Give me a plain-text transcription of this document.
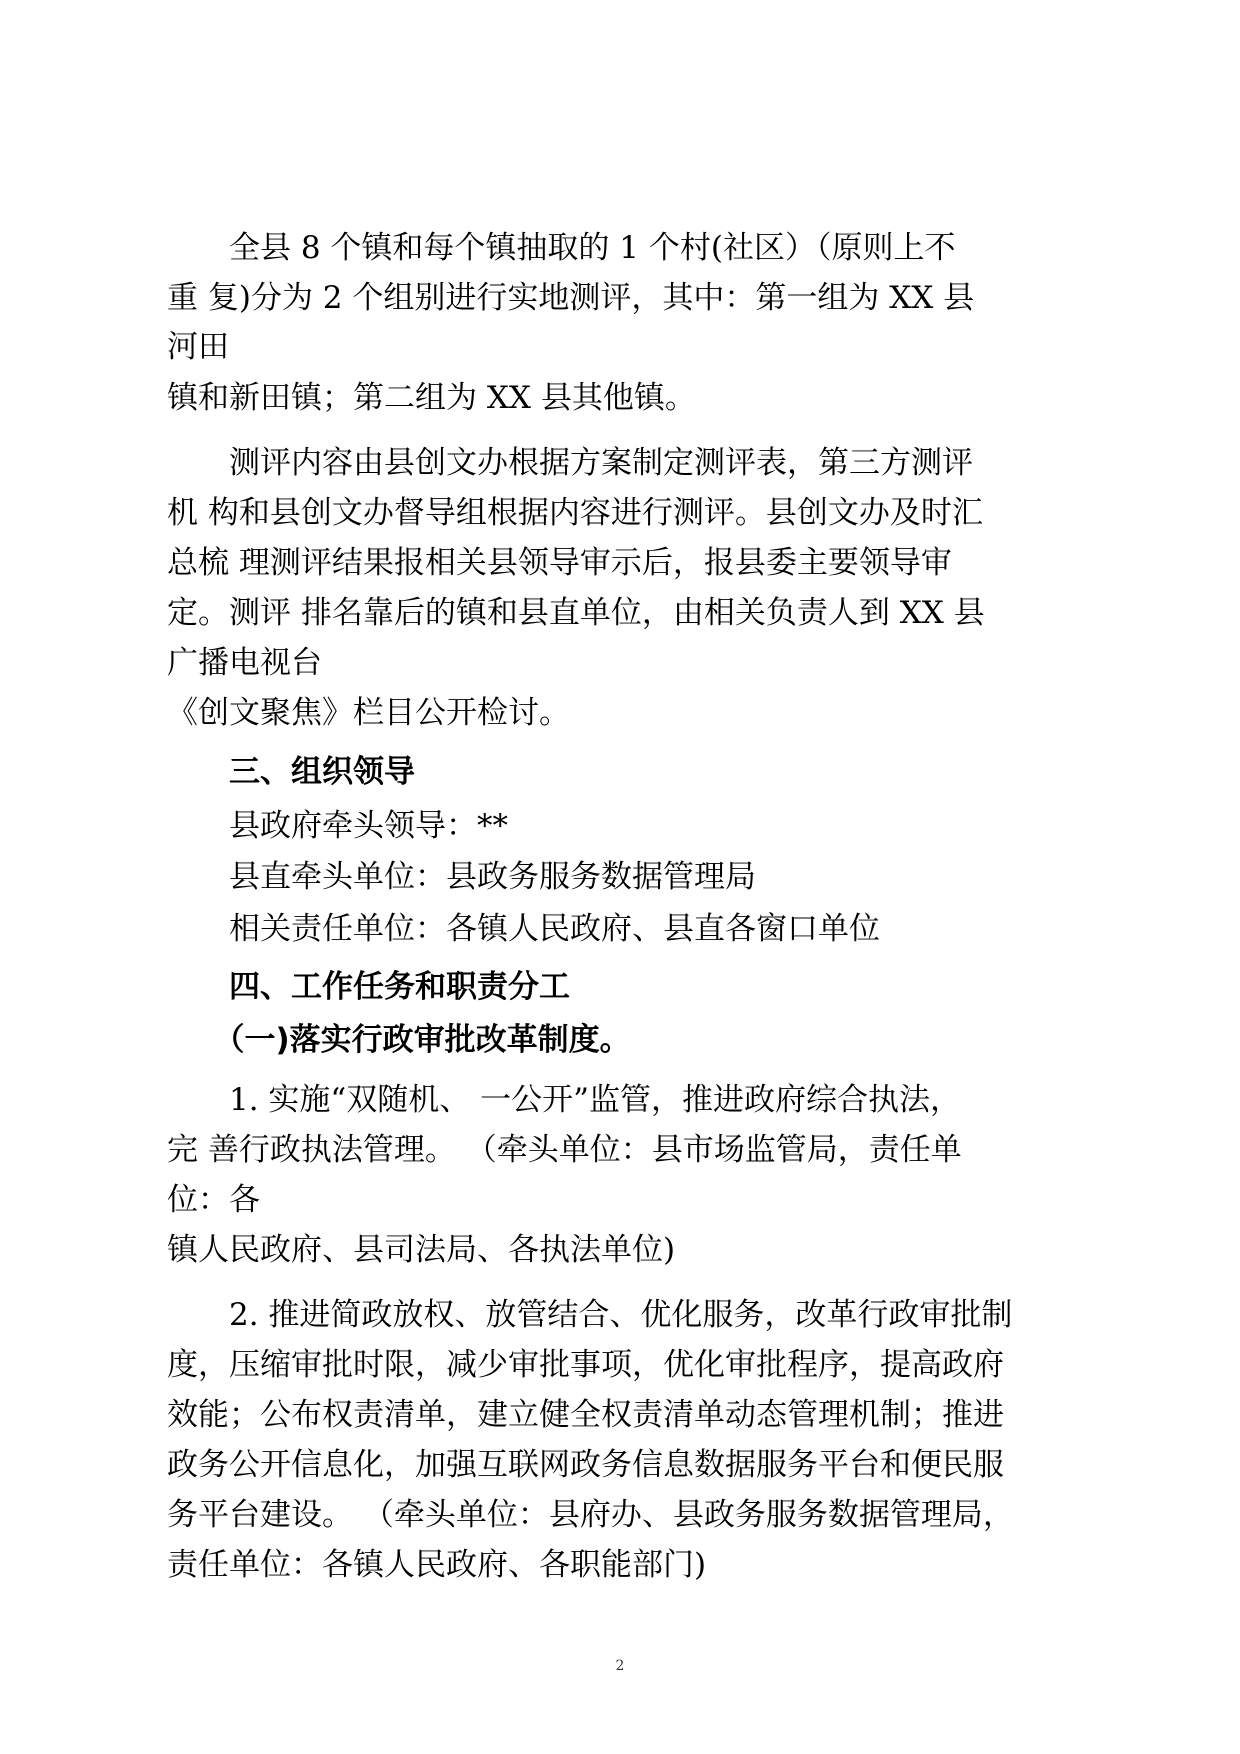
　　全县 8 个镇和每个镇抽取的 1 个村(社区）（原则上不
重 复)分为 2 个组别进行实地测评，其中：第一组为 XX 县
河田
镇和新田镇；第二组为 XX 县其他镇。
　　测评内容由县创文办根据方案制定测评表，第三方测评
机 构和县创文办督导组根据内容进行测评。县创文办及时汇
总梳 理测评结果报相关县领导审示后，报县委主要领导审
定。测评 排名靠后的镇和县直单位，由相关负责人到 XX 县
广播电视台
《创文聚焦》栏目公开检讨。
　　三、组织领导
　　县政府牵头领导：**
　　县直牵头单位：县政务服务数据管理局
　　相关责任单位：各镇人民政府、县直各窗口单位
　　四、工作任务和职责分工
　　（一)落实行政审批改革制度。
　　1. 实施“双随机、 一公开”监管，推进政府综合执法，
完 善行政执法管理。 （牵头单位：县市场监管局，责任单
位：各
镇人民政府、县司法局、各执法单位)
　　2. 推进简政放权、放管结合、优化服务，改革行政审批制
度，压缩审批时限，减少审批事项，优化审批程序，提高政府
效能；公布权责清单，建立健全权责清单动态管理机制；推进
政务公开信息化，加强互联网政务信息数据服务平台和便民服
务平台建设。 （牵头单位：县府办、县政务服务数据管理局，
责任单位：各镇人民政府、各职能部门)
2
